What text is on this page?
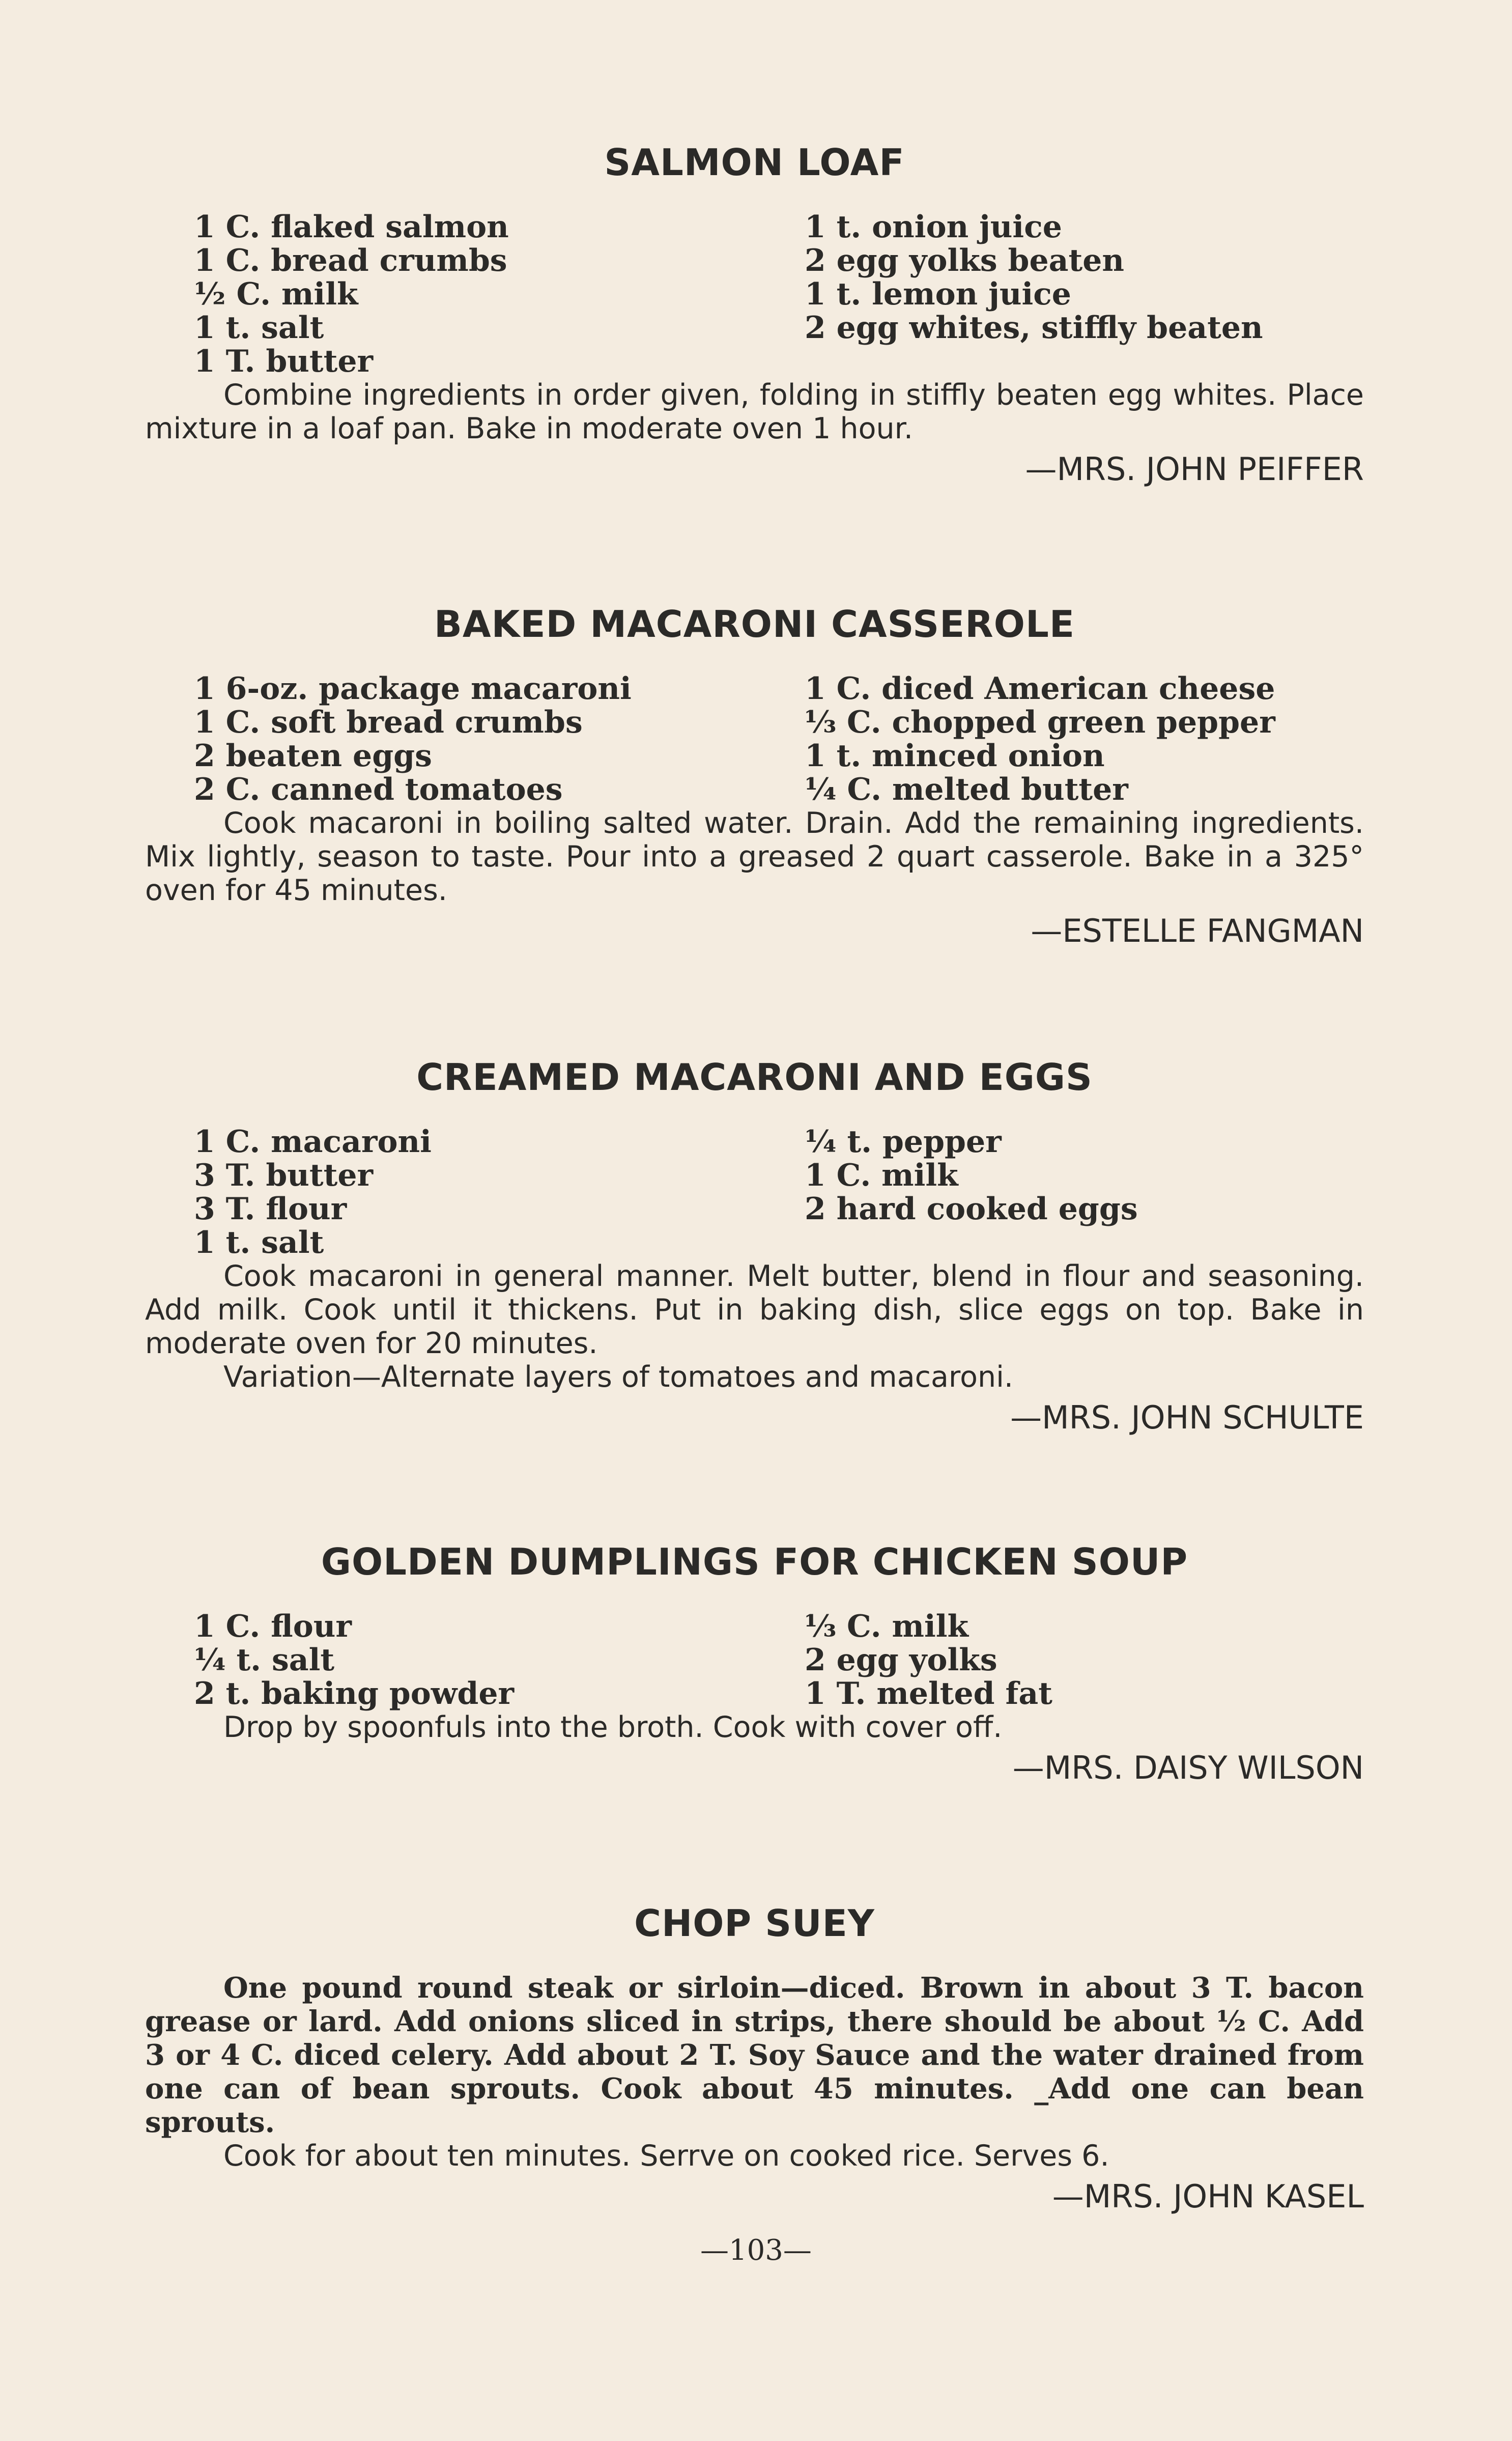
SALMON LOAF
1 C. flaked salmon
1 C. bread crumbs
½ C. milk
1 t. salt
1 T. butter
1 t. onion juice
2 egg yolks beaten
1 t. lemon juice
2 egg whites, stiffly beaten

Combine ingredients in order given, folding in stiffly beaten egg whites. Place mixture in a loaf pan. Bake in moderate oven 1 hour.

—MRS. JOHN PEIFFER

BAKED MACARONI CASSEROLE
1 6-oz. package macaroni
1 C. soft bread crumbs
2 beaten eggs
2 C. canned tomatoes
1 C. diced American cheese
⅓ C. chopped green pepper
1 t. minced onion
¼ C. melted butter

Cook macaroni in boiling salted water. Drain. Add the remaining ingredients. Mix lightly, season to taste. Pour into a greased 2 quart casserole. Bake in a 325° oven for 45 minutes.

—ESTELLE FANGMAN

CREAMED MACARONI AND EGGS
1 C. macaroni
3 T. butter
3 T. flour
1 t. salt
¼ t. pepper
1 C. milk
2 hard cooked eggs

Cook macaroni in general manner. Melt butter, blend in flour and seasoning. Add milk. Cook until it thickens. Put in baking dish, slice eggs on top. Bake in moderate oven for 20 minutes.

Variation—Alternate layers of tomatoes and macaroni.

—MRS. JOHN SCHULTE

GOLDEN DUMPLINGS FOR CHICKEN SOUP
1 C. flour
¼ t. salt
2 t. baking powder
⅓ C. milk
2 egg yolks
1 T. melted fat

Drop by spoonfuls into the broth. Cook with cover off.

—MRS. DAISY WILSON

CHOP SUEY

One pound round steak or sirloin—diced. Brown in about 3 T. bacon grease or lard. Add onions sliced in strips, there should be about ½ C. Add 3 or 4 C. diced celery. Add about 2 T. Soy Sauce and the water drained from one can of bean sprouts. Cook about 45 minutes. _Add one can bean sprouts.

Cook for about ten minutes. Serrve on cooked rice. Serves 6.

—MRS. JOHN KASEL

—103—
